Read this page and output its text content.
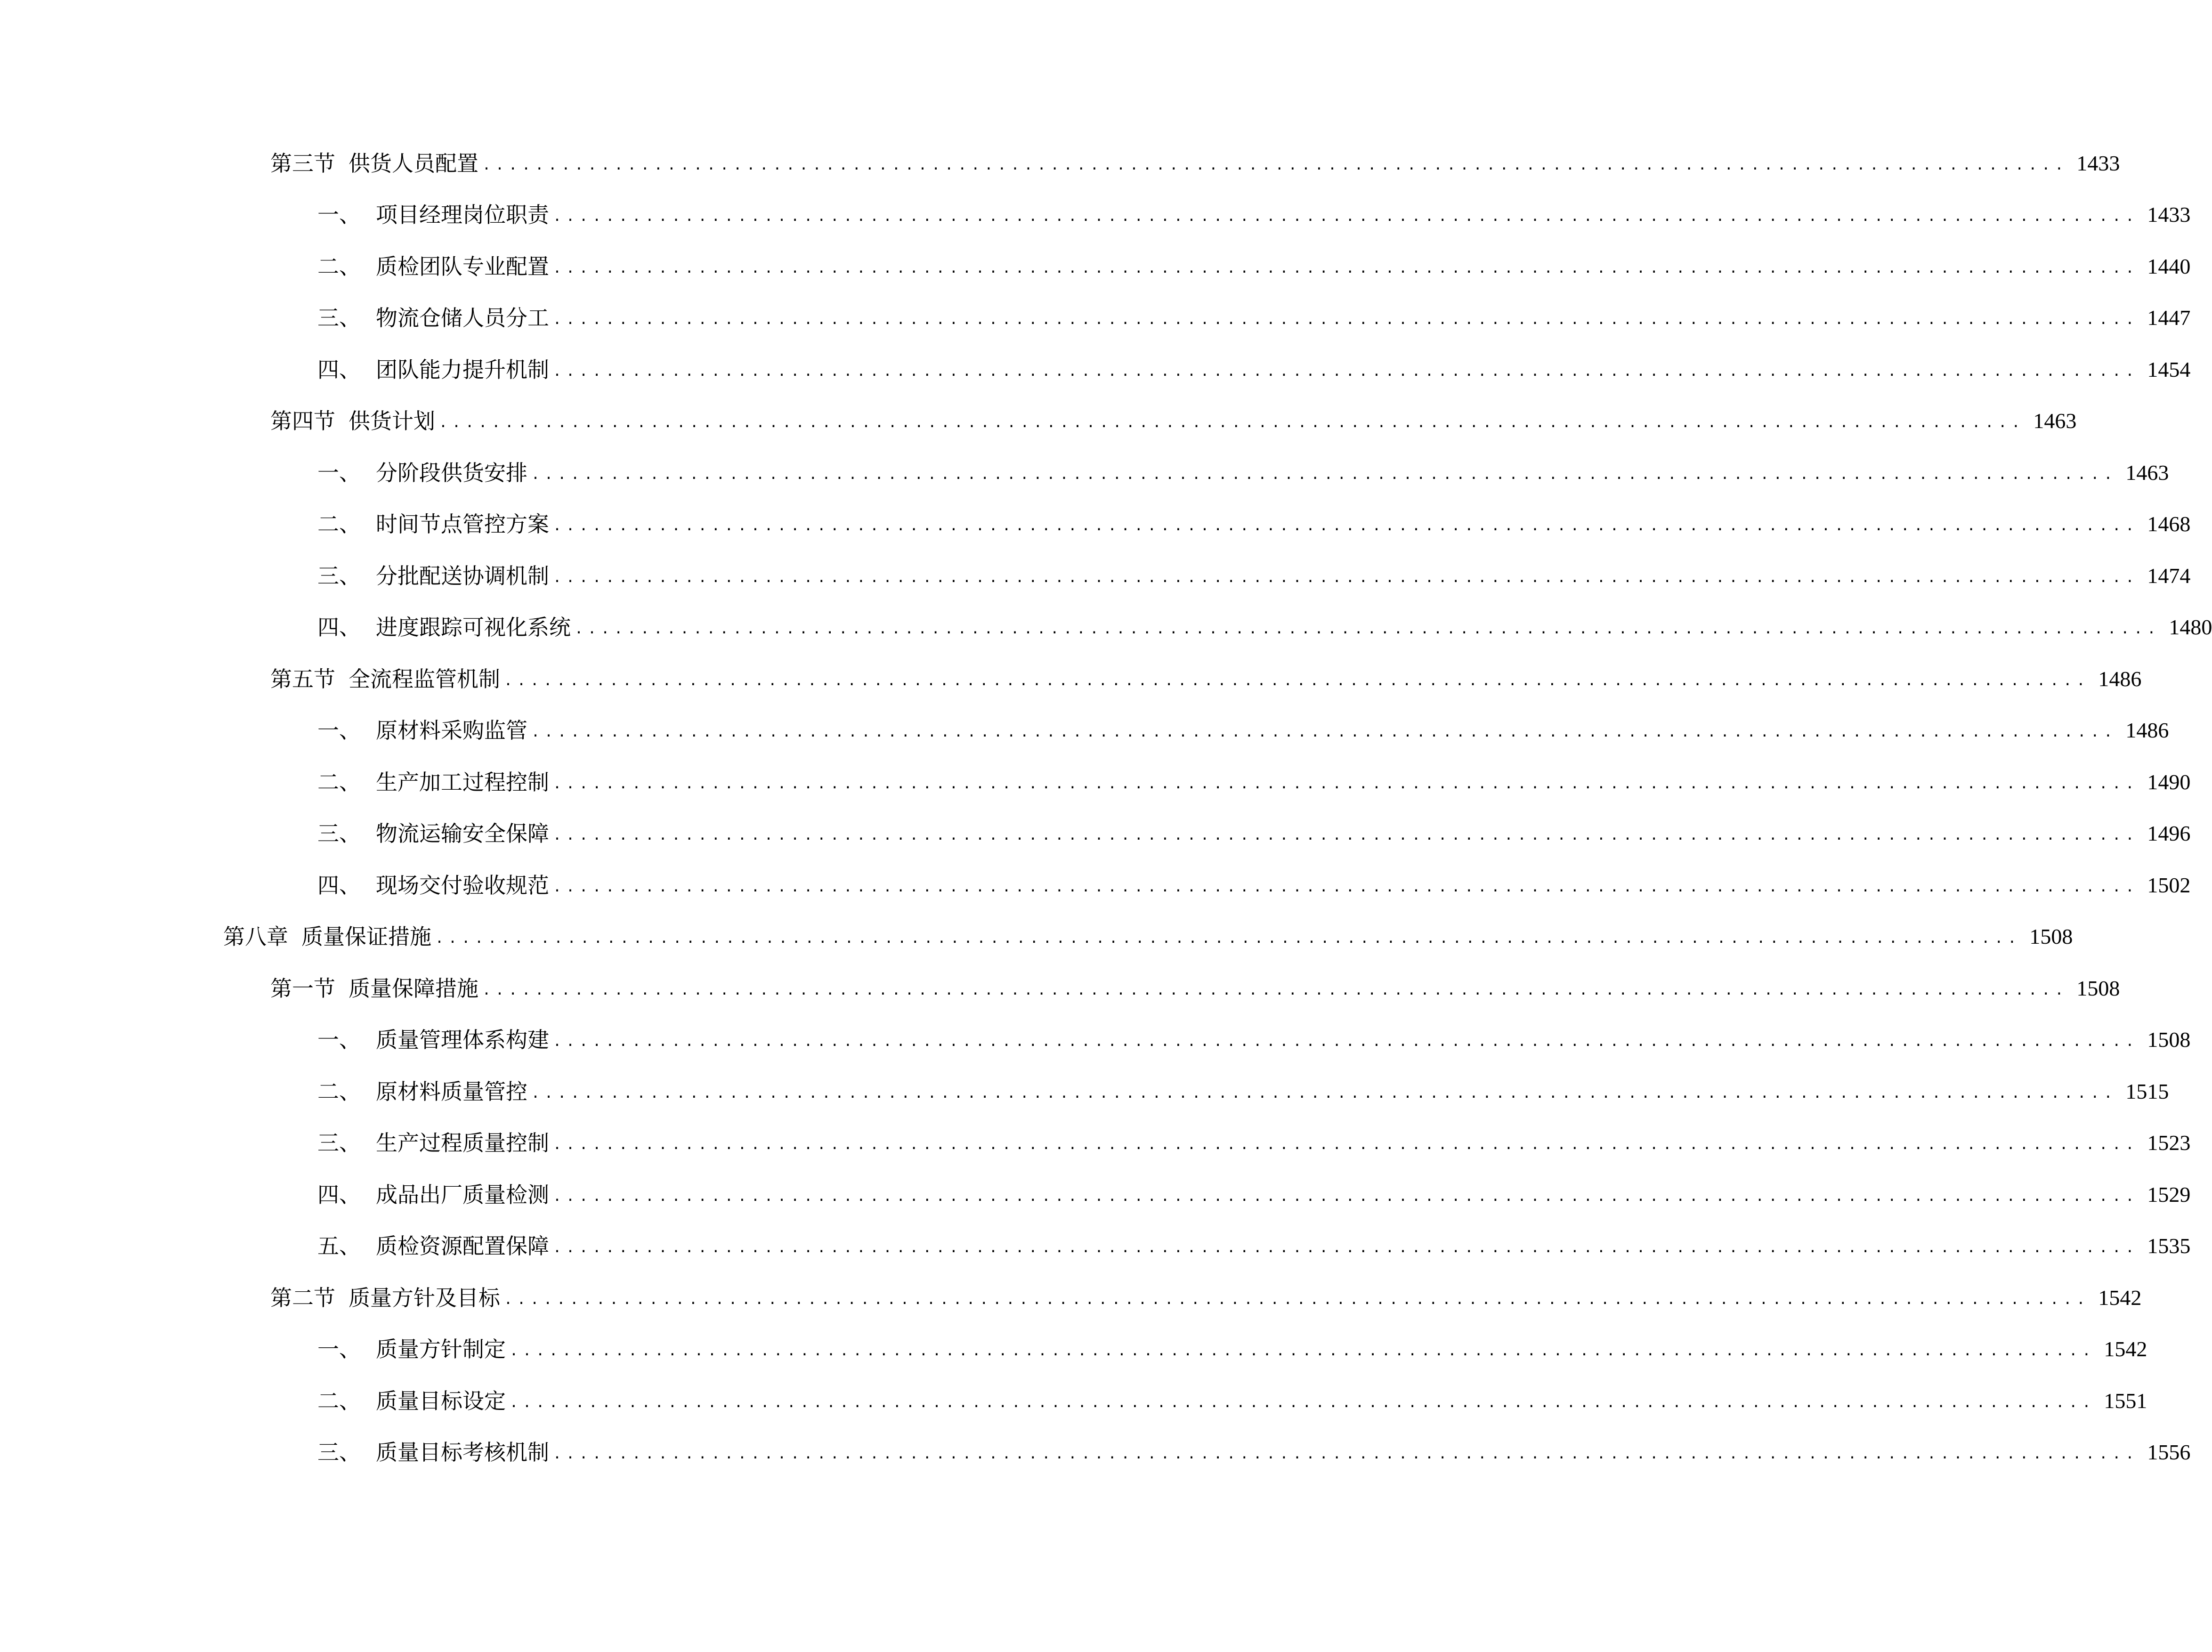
第三节 供货人员配置 ........................................................................................................................ 1433
一、 项目经理岗位职责 ........................................................................................................................ 1433
二、 质检团队专业配置 ........................................................................................................................ 1440
三、 物流仓储人员分工 ........................................................................................................................ 1447
四、 团队能力提升机制 ........................................................................................................................ 1454
第四节 供货计划 ........................................................................................................................ 1463
一、 分阶段供货安排 ........................................................................................................................ 1463
二、 时间节点管控方案 ........................................................................................................................ 1468
三、 分批配送协调机制 ........................................................................................................................ 1474
四、 进度跟踪可视化系统 ........................................................................................................................ 1480
第五节 全流程监管机制 ........................................................................................................................ 1486
一、 原材料采购监管 ........................................................................................................................ 1486
二、 生产加工过程控制 ........................................................................................................................ 1490
三、 物流运输安全保障 ........................................................................................................................ 1496
四、 现场交付验收规范 ........................................................................................................................ 1502
第八章 质量保证措施 ........................................................................................................................ 1508
第一节 质量保障措施 ........................................................................................................................ 1508
一、 质量管理体系构建 ........................................................................................................................ 1508
二、 原材料质量管控 ........................................................................................................................ 1515
三、 生产过程质量控制 ........................................................................................................................ 1523
四、 成品出厂质量检测 ........................................................................................................................ 1529
五、 质检资源配置保障 ........................................................................................................................ 1535
第二节 质量方针及目标 ........................................................................................................................ 1542
一、 质量方针制定 ........................................................................................................................ 1542
二、 质量目标设定 ........................................................................................................................ 1551
三、 质量目标考核机制 ........................................................................................................................ 1556
